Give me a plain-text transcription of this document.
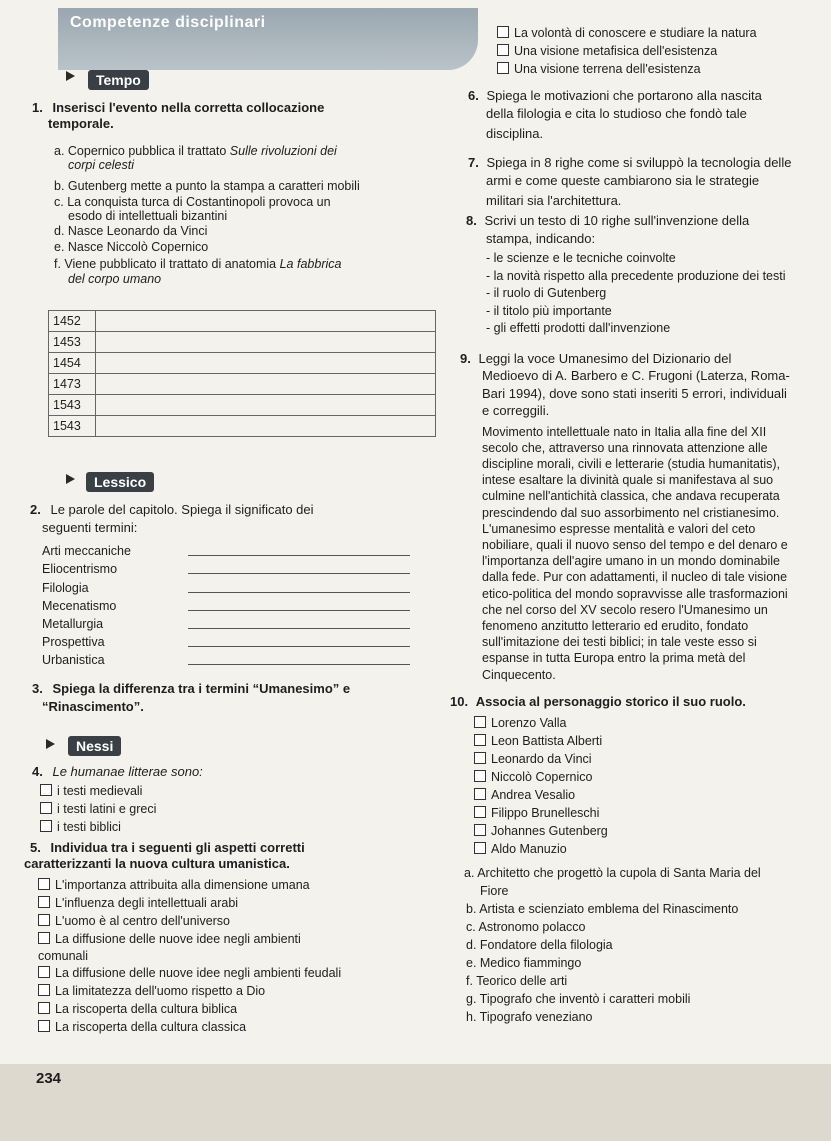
Competenze disciplinari
La volontà di conoscere e studiare la natura
Una visione metafisica dell'esistenza
Una visione terrena dell'esistenza
Tempo
1. Inserisci l'evento nella corretta collocazione
temporale.
a. Copernico pubblica il trattato Sulle rivoluzioni dei
corpi celesti
b. Gutenberg mette a punto la stampa a caratteri mobili
c. La conquista turca di Costantinopoli provoca un
esodo di intellettuali bizantini
d. Nasce Leonardo da Vinci
e. Nasce Niccolò Copernico
f. Viene pubblicato il trattato di anatomia La fabbrica
del corpo umano
1452	
1453	
1454	
1473	
1543	
1543	
Lessico
2. Le parole del capitolo. Spiega il significato dei
seguenti termini:
Arti meccaniche
Eliocentrismo
Filologia
Mecenatismo
Metallurgia
Prospettiva
Urbanistica
3. Spiega la differenza tra i termini “Umanesimo” e
“Rinascimento”.
Nessi
4. Le humanae litterae sono:
i testi medievali
i testi latini e greci
i testi biblici
5. Individua tra i seguenti gli aspetti corretti
caratterizzanti la nuova cultura umanistica.
L'importanza attribuita alla dimensione umana
L'influenza degli intellettuali arabi
L'uomo è al centro dell'universo
La diffusione delle nuove idee negli ambienti
comunali
La diffusione delle nuove idee negli ambienti feudali
La limitatezza dell'uomo rispetto a Dio
La riscoperta della cultura biblica
La riscoperta della cultura classica
6. Spiega le motivazioni che portarono alla nascita
della filologia e cita lo studioso che fondò tale
disciplina.
7. Spiega in 8 righe come si sviluppò la tecnologia delle
armi e come queste cambiarono sia le strategie
militari sia l'architettura.
8. Scrivi un testo di 10 righe sull'invenzione della
stampa, indicando:
- le scienze e le tecniche coinvolte
- la novità rispetto alla precedente produzione dei testi
- il ruolo di Gutenberg
- il titolo più importante
- gli effetti prodotti dall'invenzione
9. Leggi la voce Umanesimo del Dizionario del
Medioevo di A. Barbero e C. Frugoni (Laterza, Roma-
Bari 1994), dove sono stati inseriti 5 errori, individuali
e correggili.
Movimento intellettuale nato in Italia alla fine del XII
secolo che, attraverso una rinnovata attenzione alle
discipline morali, civili e letterarie (studia humanitatis),
intese esaltare la divinità quale si manifestava al suo
culmine nell'antichità classica, che andava recuperata
prescindendo dal suo assorbimento nel cristianesimo.
L'umanesimo espresse mentalità e valori del ceto
nobiliare, quali il nuovo senso del tempo e del denaro e
l'importanza dell'agire umano in un mondo dominabile
dalla fede. Pur con adattamenti, il nucleo di tale visione
etico-politica del mondo sopravvisse alle trasformazioni
che nel corso del XV secolo resero l'Umanesimo un
fenomeno anzitutto letterario ed erudito, fondato
sull'imitazione dei testi biblici; in tale veste esso si
espanse in tutta Europa entro la prima metà del
Cinquecento.
10. Associa al personaggio storico il suo ruolo.
Lorenzo Valla
Leon Battista Alberti
Leonardo da Vinci
Niccolò Copernico
Andrea Vesalio
Filippo Brunelleschi
Johannes Gutenberg
Aldo Manuzio
a. Architetto che progettò la cupola di Santa Maria del
Fiore
b. Artista e scienziato emblema del Rinascimento
c. Astronomo polacco
d. Fondatore della filologia
e. Medico fiammingo
f. Teorico delle arti
g. Tipografo che inventò i caratteri mobili
h. Tipografo veneziano
234
